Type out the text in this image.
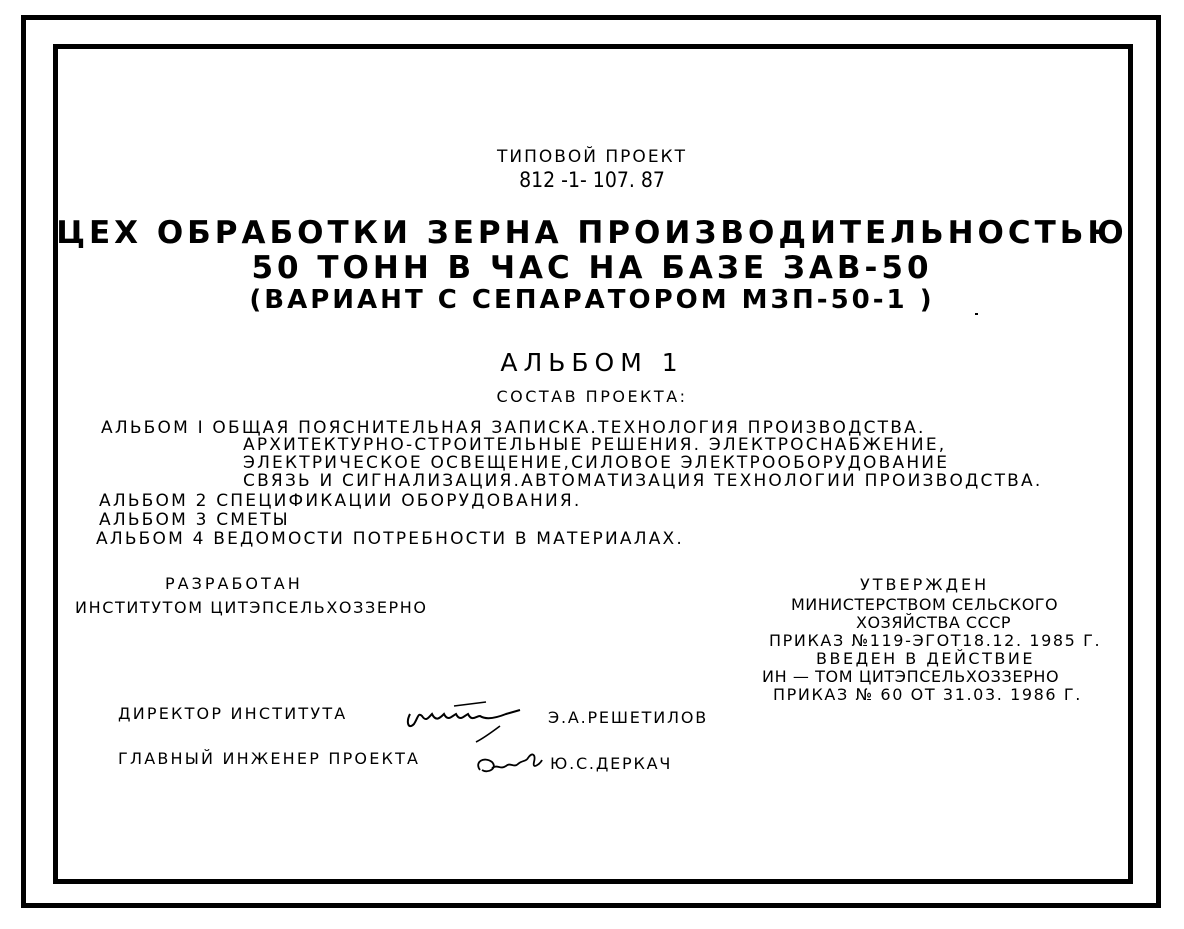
ТИПОВОЙ ПРОЕКТ
812 -1- 107. 87
ЦЕХ ОБРАБОТКИ ЗЕРНА ПРОИЗВОДИТЕЛЬНОСТЬЮ
50 ТОНН В ЧАС НА БАЗЕ ЗАВ-50
(ВАРИАНТ С СЕПАРАТОРОМ МЗП-50-1 )
АЛЬБОМ 1
СОСТАВ ПРОЕКТА:
АЛЬБОМ I ОБЩАЯ ПОЯСНИТЕЛЬНАЯ ЗАПИСКА.ТЕХНОЛОГИЯ ПРОИЗВОДСТВА.
АРХИТЕКТУРНО-СТРОИТЕЛЬНЫЕ РЕШЕНИЯ. ЭЛЕКТРОСНАБЖЕНИЕ,
ЭЛЕКТРИЧЕСКОЕ ОСВЕЩЕНИЕ,СИЛОВОЕ ЭЛЕКТРООБОРУДОВАНИЕ
СВЯЗЬ И СИГНАЛИЗАЦИЯ.АВТОМАТИЗАЦИЯ ТЕХНОЛОГИИ ПРОИЗВОДСТВА.
АЛЬБОМ 2 СПЕЦИФИКАЦИИ ОБОРУДОВАНИЯ.
АЛЬБОМ 3 СМЕТЫ
АЛЬБОМ 4 ВЕДОМОСТИ ПОТРЕБНОСТИ В МАТЕРИАЛАХ.
РАЗРАБОТАН
ИНСТИТУТОМ ЦИТЭПСЕЛЬХОЗЗЕРНО
УТВЕРЖДЕН
МИНИСТЕРСТВОМ СЕЛЬСКОГО
ХОЗЯЙСТВА СССР
ПРИКАЗ №119-ЭГОТ18.12. 1985 Г.
ВВЕДЕН В ДЕЙСТВИЕ
ИН — ТОМ ЦИТЭПСЕЛЬХОЗЗЕРНО
ПРИКАЗ № 60 ОТ 31.03. 1986 Г.
ДИРЕКТОР ИНСТИТУТА	Э.А.РЕШЕТИЛОВ
ГЛАВНЫЙ ИНЖЕНЕР ПРОЕКТА	Ю.С.ДЕРКАЧ
